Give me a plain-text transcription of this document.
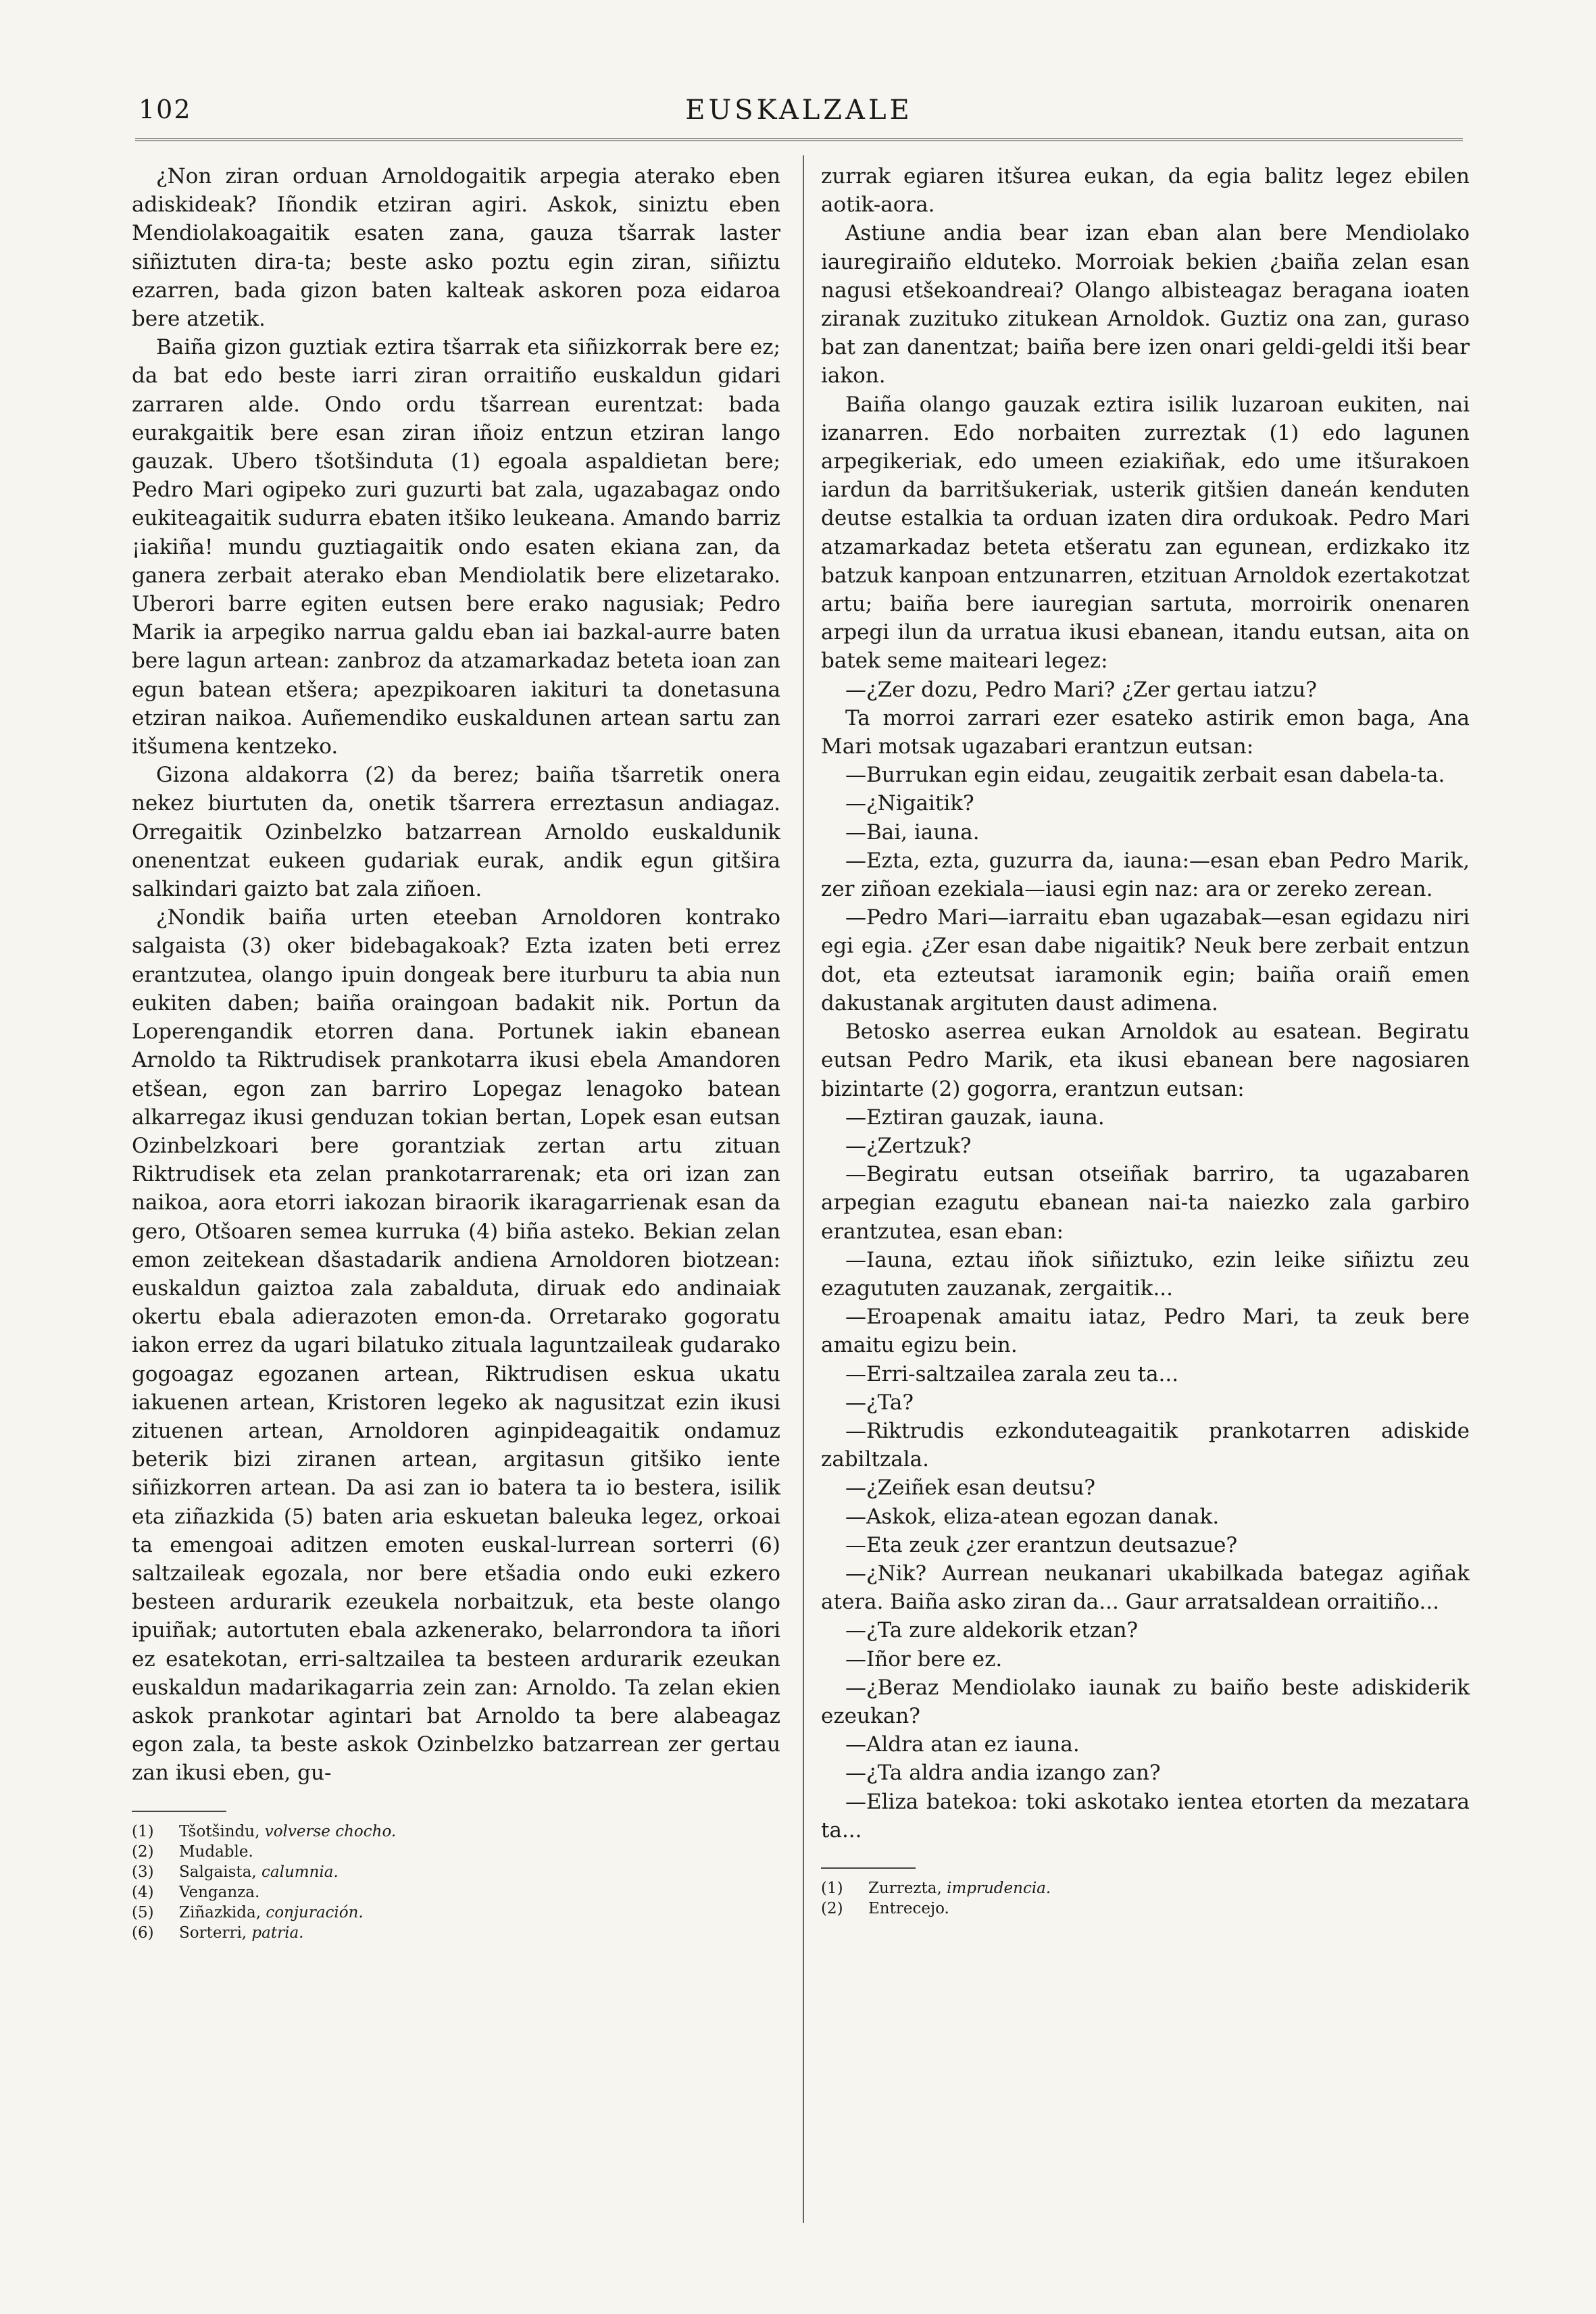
102	EUSKALZALE

¿Non ziran orduan Arnoldogaitik arpegia aterako eben adiskideak? Iñondik etziran agiri. Askok, siniztu eben Mendiolakoagaitik esaten zana, gauza tšarrak laster siñiztuten dira-ta; beste asko poztu egin ziran, siñiztu ezarren, bada gizon baten kalteak askoren poza eidaroa bere atzetik.

Baiña gizon guztiak eztira tšarrak eta siñizkorrak bere ez; da bat edo beste iarri ziran orraitiño euskaldun gidari zarraren alde. Ondo ordu tšarrean eurentzat: bada eurakgaitik bere esan ziran iñoiz entzun etziran lango gauzak. Ubero tšotšinduta (1) egoala aspaldietan bere; Pedro Mari ogipeko zuri guzurti bat zala, ugazabagaz ondo eukiteagaitik sudurra ebaten itšiko leukeana. Amando barriz ¡iakiña! mundu guztiagaitik ondo esaten ekiana zan, da ganera zerbait aterako eban Mendiolatik bere elizetarako. Uberori barre egiten eutsen bere erako nagusiak; Pedro Marik ia arpegiko narrua galdu eban iai bazkal-aurre baten bere lagun artean: zanbroz da atzamarkadaz beteta ioan zan egun batean etšera; apezpikoaren iakituri ta donetasuna etziran naikoa. Auñemendiko euskaldunen artean sartu zan itšumena kentzeko.

Gizona aldakorra (2) da berez; baiña tšarretik onera nekez biurtuten da, onetik tšarrera erreztasun andiagaz. Orregaitik Ozinbelzko batzarrean Arnoldo euskaldunik onenentzat eukeen gudariak eurak, andik egun gitšira salkindari gaizto bat zala ziñoen.

¿Nondik baiña urten eteeban Arnoldoren kontrako salgaista (3) oker bidebagakoak? Ezta izaten beti errez erantzutea, olango ipuin dongeak bere iturburu ta abia nun eukiten daben; baiña oraingoan badakit nik. Portun da Loperengandik etorren dana. Portunek iakin ebanean Arnoldo ta Riktrudisek prankotarra ikusi ebela Amandoren etšean, egon zan barriro Lopegaz lenagoko batean alkarregaz ikusi genduzan tokian bertan, Lopek esan eutsan Ozinbelzkoari bere gorantziak zertan artu zituan Riktrudisek eta zelan prankotarrarenak; eta ori izan zan naikoa, aora etorri iakozan biraorik ikaragarrienak esan da gero, Otšoaren semea kurruka (4) biña asteko. Bekian zelan emon zeitekean dšastadarik andiena Arnoldoren biotzean: euskaldun gaiztoa zala zabalduta, diruak edo andinaiak okertu ebala adierazoten emon-da. Orretarako gogoratu iakon errez da ugari bilatuko zituala laguntzaileak gudarako gogoagaz egozanen artean, Riktrudisen eskua ukatu iakuenen artean, Kristoren legeko ak nagusitzat ezin ikusi zituenen artean, Arnoldoren aginpideagaitik ondamuz beterik bizi ziranen artean, argitasun gitšiko iente siñizkorren artean. Da asi zan io batera ta io bestera, isilik eta ziñazkida (5) baten aria eskuetan baleuka legez, orkoai ta emengoai aditzen emoten euskal-lurrean sorterri (6) saltzaileak egozala, nor bere etšadia ondo euki ezkero besteen ardurarik ezeukela norbaitzuk, eta beste olango ipuiñak; autortuten ebala azkenerako, belarrondora ta iñori ez esatekotan, erri-saltzailea ta besteen ardurarik ezeukan euskaldun madarikagarria zein zan: Arnoldo. Ta zelan ekien askok prankotar agintari bat Arnoldo ta bere alabeagaz egon zala, ta beste askok Ozinbelzko batzarrean zer gertau zan ikusi eben, gu-

(1)	Tšotšindu, volverse chocho.
(2)	Mudable.
(3)	Salgaista, calumnia.
(4)	Venganza.
(5)	Ziñazkida, conjuración.
(6)	Sorterri, patria.

zurrak egiaren itšurea eukan, da egia balitz legez ebilen aotik-aora.

Astiune andia bear izan eban alan bere Mendiolako iauregiraiño elduteko. Morroiak bekien ¿baiña zelan esan nagusi etšekoandreai? Olango albisteagaz beragana ioaten ziranak zuzituko zitukean Arnoldok. Guztiz ona zan, guraso bat zan danentzat; baiña bere izen onari geldi-geldi itši bear iakon.

Baiña olango gauzak eztira isilik luzaroan eukiten, nai izanarren. Edo norbaiten zurreztak (1) edo lagunen arpegikeriak, edo umeen eziakiñak, edo ume itšurakoen iardun da barritšukeriak, usterik gitšien daneán kenduten deutse estalkia ta orduan izaten dira ordukoak. Pedro Mari atzamarkadaz beteta etšeratu zan egunean, erdizkako itz batzuk kanpoan entzunarren, etzituan Arnoldok ezertakotzat artu; baiña bere iauregian sartuta, morroirik onenaren arpegi ilun da urratua ikusi ebanean, itandu eutsan, aita on batek seme maiteari legez:

—¿Zer dozu, Pedro Mari? ¿Zer gertau iatzu?

Ta morroi zarrari ezer esateko astirik emon baga, Ana Mari motsak ugazabari erantzun eutsan:

—Burrukan egin eidau, zeugaitik zerbait esan dabela-ta.

—¿Nigaitik?

—Bai, iauna.

—Ezta, ezta, guzurra da, iauna:—esan eban Pedro Marik, zer ziñoan ezekiala—iausi egin naz: ara or zereko zerean.

—Pedro Mari—iarraitu eban ugazabak—esan egidazu niri egi egia. ¿Zer esan dabe nigaitik? Neuk bere zerbait entzun dot, eta ezteutsat iaramonik egin; baiña oraiñ emen dakustanak argituten daust adimena.

Betosko aserrea eukan Arnoldok au esatean. Begiratu eutsan Pedro Marik, eta ikusi ebanean bere nagosiaren bizintarte (2) gogorra, erantzun eutsan:

—Eztiran gauzak, iauna.

—¿Zertzuk?

—Begiratu eutsan otseiñak barriro, ta ugazabaren arpegian ezagutu ebanean nai-ta naiezko zala garbiro erantzutea, esan eban:

—Iauna, eztau iñok siñiztuko, ezin leike siñiztu zeu ezagututen zauzanak, zergaitik...

—Eroapenak amaitu iataz, Pedro Mari, ta zeuk bere amaitu egizu bein.

—Erri-saltzailea zarala zeu ta...

—¿Ta?

—Riktrudis ezkonduteagaitik prankotarren adiskide zabiltzala.

—¿Zeiñek esan deutsu?

—Askok, eliza-atean egozan danak.

—Eta zeuk ¿zer erantzun deutsazue?

—¿Nik? Aurrean neukanari ukabilkada bategaz agiñak atera. Baiña asko ziran da... Gaur arratsaldean orraitiño...

—¿Ta zure aldekorik etzan?

—Iñor bere ez.

—¿Beraz Mendiolako iaunak zu baiño beste adiskiderik ezeukan?

—Aldra atan ez iauna.

—¿Ta aldra andia izango zan?

—Eliza batekoa: toki askotako ientea etorten da mezatara ta...

(1)	Zurrezta, imprudencia.
(2)	Entrecejo.
